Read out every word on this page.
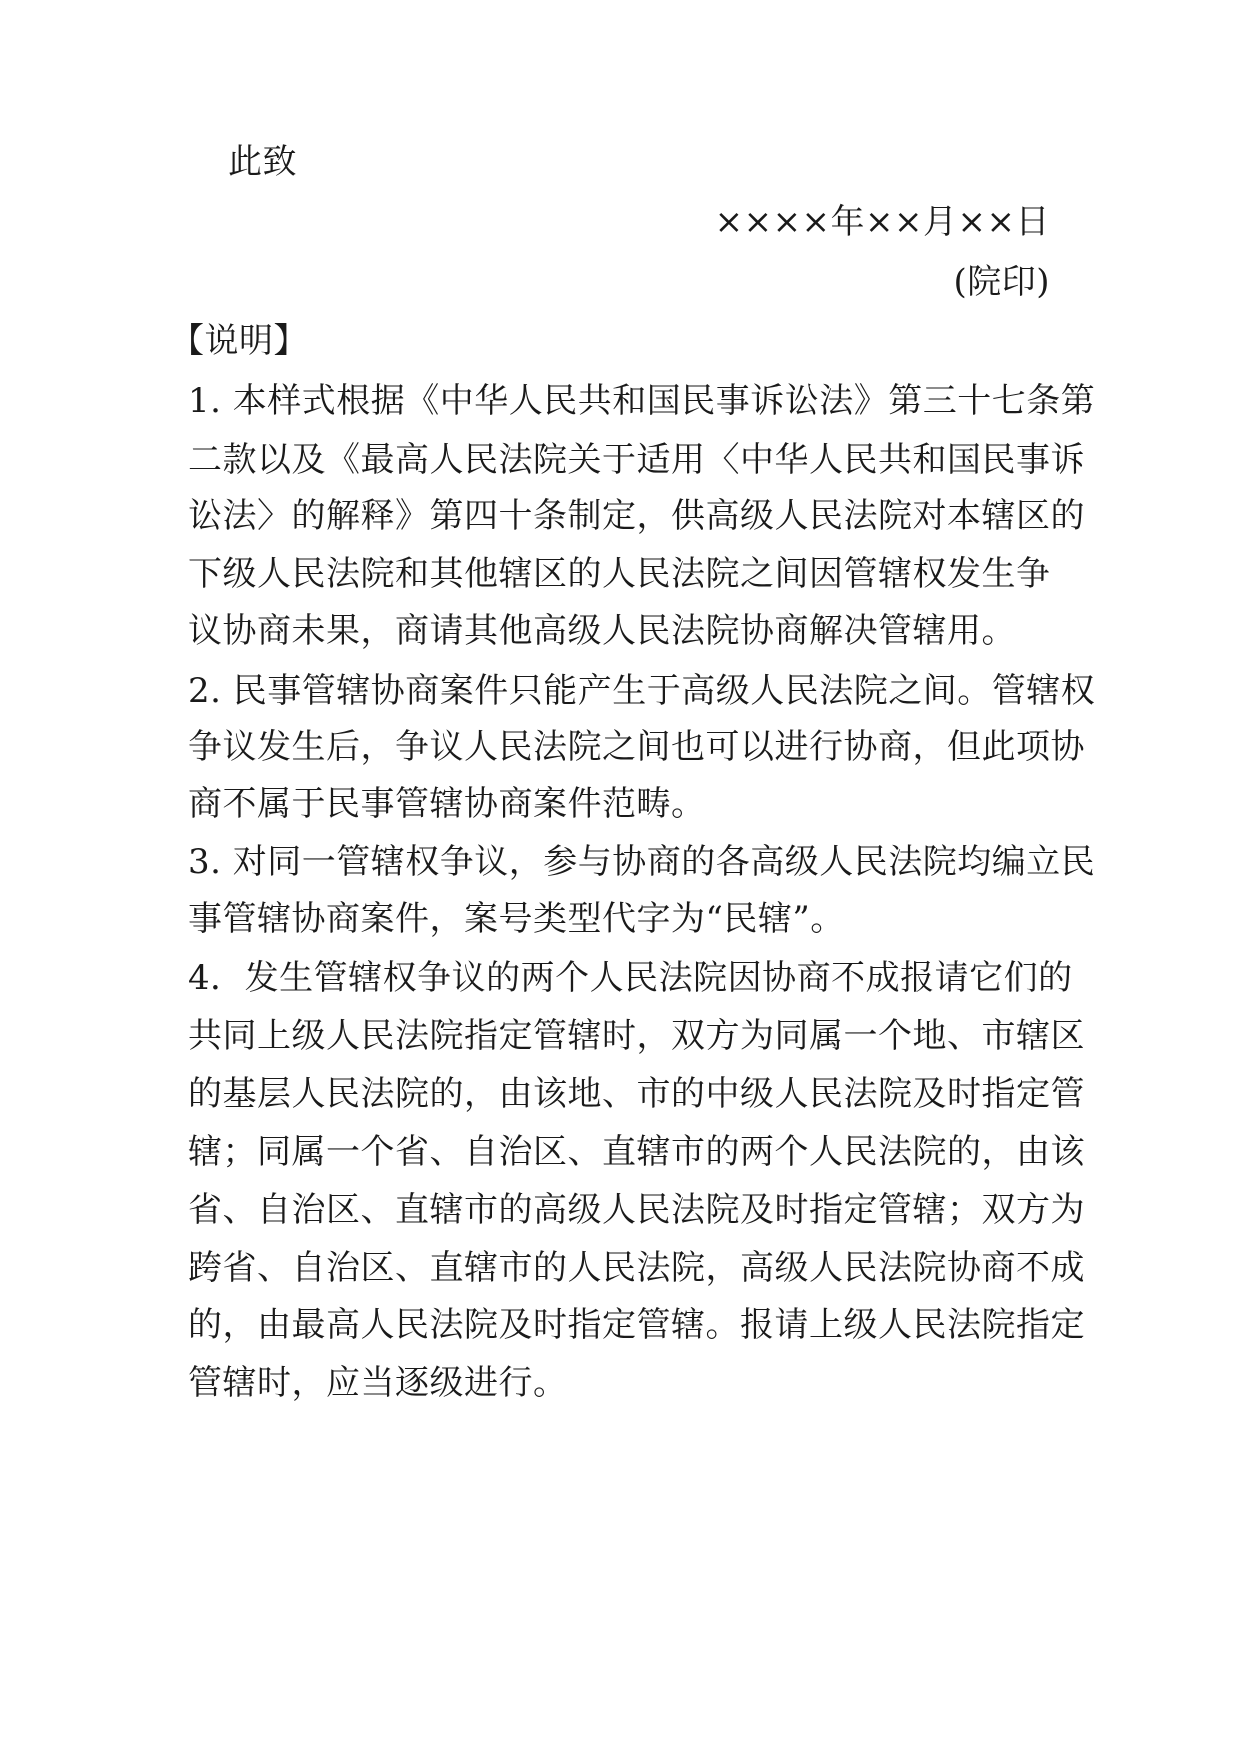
此致
××××年××月××日
(院印)
【说明】
1. 本样式根据《中华人民共和国民事诉讼法》第三十七条第
二款以及《最高人民法院关于适用〈中华人民共和国民事诉
讼法〉的解释》第四十条制定，供高级人民法院对本辖区的
下级人民法院和其他辖区的人民法院之间因管辖权发生争
议协商未果，商请其他高级人民法院协商解决管辖用。
2. 民事管辖协商案件只能产生于高级人民法院之间。管辖权
争议发生后，争议人民法院之间也可以进行协商，但此项协
商不属于民事管辖协商案件范畴。
3. 对同一管辖权争议，参与协商的各高级人民法院均编立民
事管辖协商案件，案号类型代字为“民辖”。
4．发生管辖权争议的两个人民法院因协商不成报请它们的
共同上级人民法院指定管辖时，双方为同属一个地、市辖区
的基层人民法院的，由该地、市的中级人民法院及时指定管
辖；同属一个省、自治区、直辖市的两个人民法院的，由该
省、自治区、直辖市的高级人民法院及时指定管辖；双方为
跨省、自治区、直辖市的人民法院，高级人民法院协商不成
的，由最高人民法院及时指定管辖。报请上级人民法院指定
管辖时，应当逐级进行。
